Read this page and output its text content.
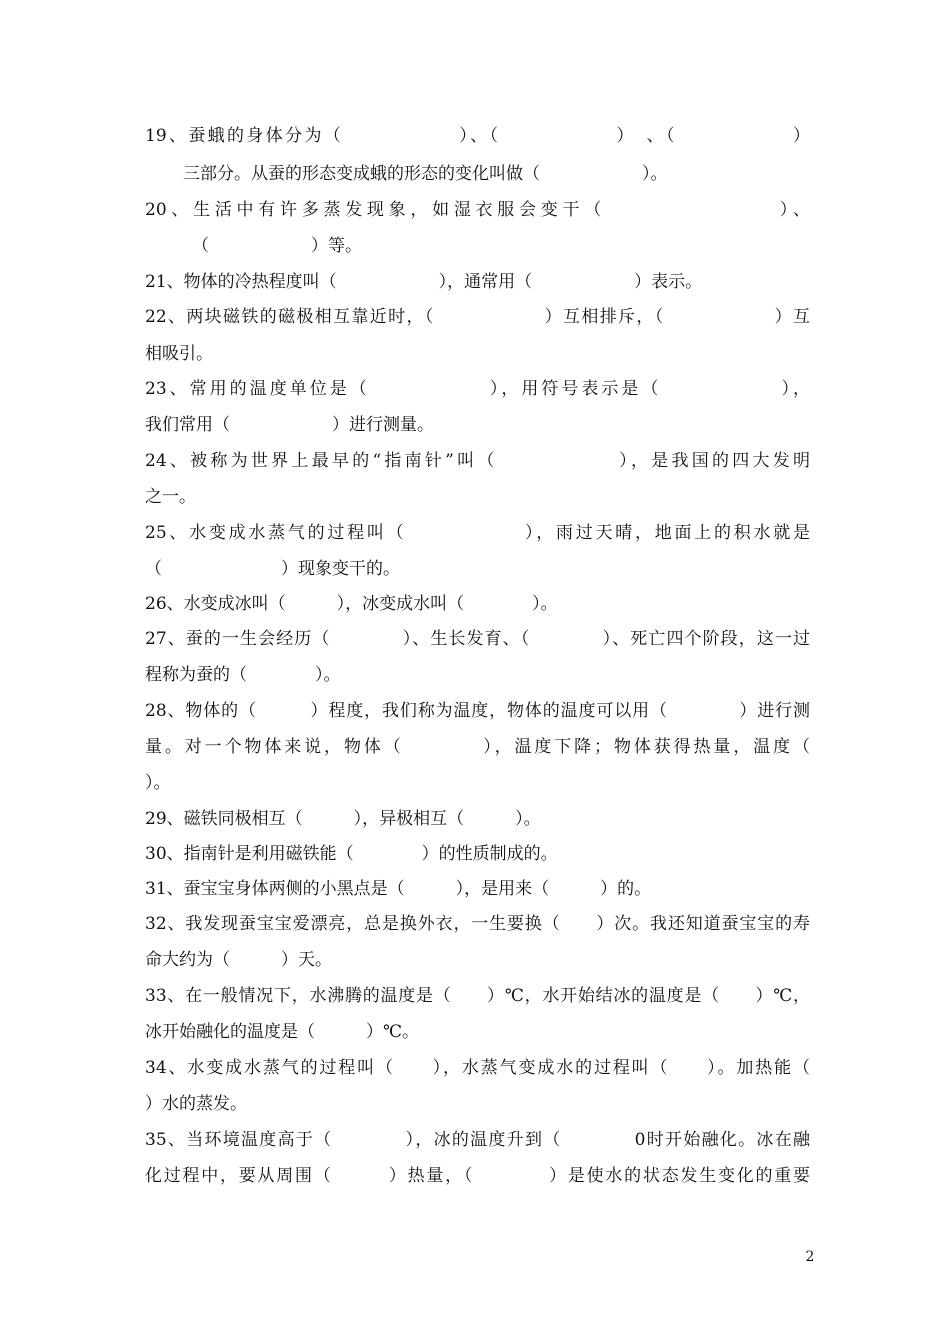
19、蚕蛾的身体分为（　　　　　　）、（　　　　　　）　、（　　　　　　）
三部分。从蚕的形态变成蛾的形态的变化叫做（　　　　　　）。
20、生活中有许多蒸发现象，如湿衣服会变干（　　　　　　　　）、
（　　　　　　）等。
21、物体的冷热程度叫（　　　　　　），通常用（　　　　　　）表示。
22、两块磁铁的磁极相互靠近时，（　　　　　　）互相排斥，（　　　　　　）互
相吸引。
23、常用的温度单位是（　　　　　　），用符号表示是（　　　　　　），
我们常用（　　　　　　）进行测量。
24、被称为世界上最早的“指南针”叫（　　　　　　），是我国的四大发明
之一。
25、水变成水蒸气的过程叫（　　　　　　），雨过天晴，地面上的积水就是
（　　　　　　　）现象变干的。
26、水变成冰叫（　　　），冰变成水叫（　　　　）。
27、蚕的一生会经历（　　　　）、生长发育、（　　　　）、死亡四个阶段，这一过
程称为蚕的（　　　　）。
28、物体的（　　　）程度，我们称为温度，物体的温度可以用（　　　　）进行测
量。对一个物体来说，物体（　　　　），温度下降；物体获得热量，温度（
）。
29、磁铁同极相互（　　　），异极相互（　　　）。
30、指南针是利用磁铁能（　　　　）的性质制成的。
31、蚕宝宝身体两侧的小黑点是（　　　），是用来（　　　）的。
32、我发现蚕宝宝爱漂亮，总是换外衣，一生要换（　　）次。我还知道蚕宝宝的寿
命大约为（　　　）天。
33、在一般情况下，水沸腾的温度是（　　）℃，水开始结冰的温度是（　　）℃，
冰开始融化的温度是（　　　）℃。
34、水变成水蒸气的过程叫（　　），水蒸气变成水的过程叫（　　）。加热能（
）水的蒸发。
35、当环境温度高于（　　　　），冰的温度升到（　　　　0时开始融化。冰在融
化过程中，要从周围（　　　）热量，（　　　　）是使水的状态发生变化的重要
2
